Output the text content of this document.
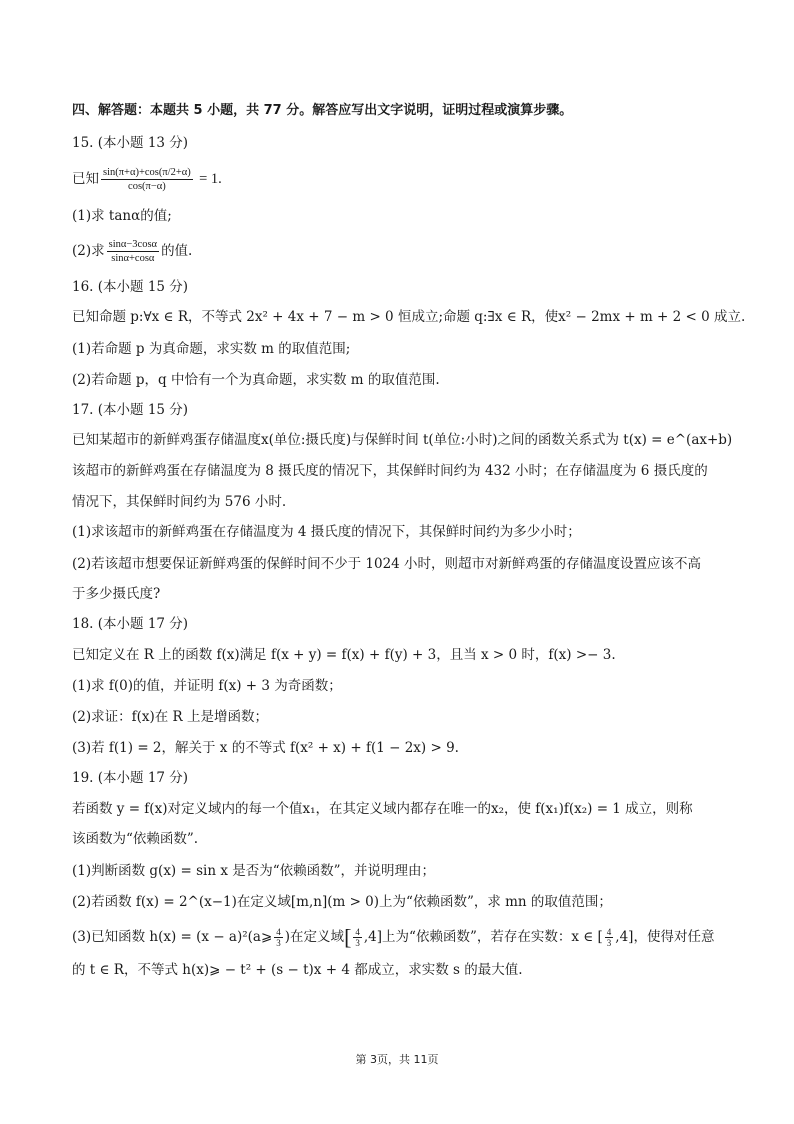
四、解答题：本题共 5 小题，共 77 分。解答应写出文字说明，证明过程或演算步骤。
15. (本小题 13 分)
已知 $\frac{\sin(\pi+\alpha)+\cos(\pi/2+\alpha)}{\cos(\pi-\alpha)} = 1$.
(1)求 tanα的值;
(2)求 $\frac{\sin\alpha-3\cos\alpha}{\sin\alpha+\cos\alpha}$ 的值.
16. (本小题 15 分)
已知命题 p:∀x ∈ R，不等式 2x² + 4x + 7 − m > 0 恒成立;命题 q:∃x ∈ R，使x² − 2mx + m + 2 < 0 成立.
(1)若命题 p 为真命题，求实数 m 的取值范围;
(2)若命题 p，q 中恰有一个为真命题，求实数 m 的取值范围.
17. (本小题 15 分)
已知某超市的新鲜鸡蛋存储温度x(单位:摄氏度)与保鲜时间 t(单位:小时)之间的函数关系式为 t(x) = e^(ax+b)
该超市的新鲜鸡蛋在存储温度为 8 摄氏度的情况下，其保鲜时间约为 432 小时；在存储温度为 6 摄氏度的
情况下，其保鲜时间约为 576 小时.
(1)求该超市的新鲜鸡蛋在存储温度为 4 摄氏度的情况下，其保鲜时间约为多少小时；
(2)若该超市想要保证新鲜鸡蛋的保鲜时间不少于 1024 小时，则超市对新鲜鸡蛋的存储温度设置应该不高
于多少摄氏度?
18. (本小题 17 分)
已知定义在 R 上的函数 f(x)满足 f(x + y) = f(x) + f(y) + 3，且当 x > 0 时，f(x) >− 3.
(1)求 f(0)的值，并证明 f(x) + 3 为奇函数；
(2)求证：f(x)在 R 上是增函数；
(3)若 f(1) = 2，解关于 x 的不等式 f(x² + x) + f(1 − 2x) > 9.
19. (本小题 17 分)
若函数 y = f(x)对定义域内的每一个值x₁，在其定义域内都存在唯一的x₂，使 f(x₁)f(x₂) = 1 成立，则称
该函数为“依赖函数”.
(1)判断函数 g(x) = sin x 是否为“依赖函数”，并说明理由；
(2)若函数 f(x) = 2^(x−1)在定义域[m,n](m > 0)上为“依赖函数”，求 mn 的取值范围；
(3)已知函数 h(x) = (x − a)²(a⩾ $\frac{4}{3}$ )在定义域[ $\frac{4}{3} ,4$]上为“依赖函数”，若存在实数：x ∈ [ $\frac{4}{3} ,4$]，使得对任意
的 t ∈ R，不等式 h(x)⩾ − t² + (s − t)x + 4 都成立，求实数 s 的最大值.
第 3页，共 11页
